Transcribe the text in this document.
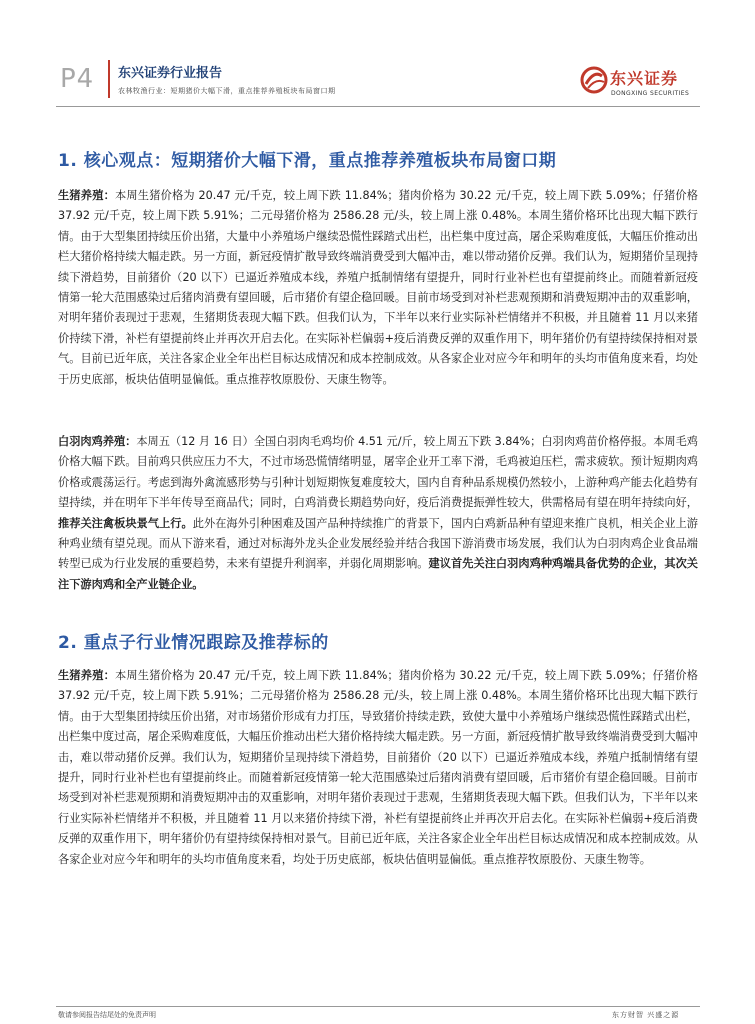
P4 东兴证券行业报告
农林牧渔行业：短期猪价大幅下滑，重点推荐养殖板块布局窗口期
东兴证券
DONGXING SECURITIES
1. 核心观点：短期猪价大幅下滑，重点推荐养殖板块布局窗口期
生猪养殖：本周生猪价格为 20.47 元/千克，较上周下跌 11.84%；猪肉价格为 30.22 元/千克，较上周下跌 5.09%；仔猪价格 37.92 元/千克，较上周下跌 5.91%；二元母猪价格为 2586.28 元/头，较上周上涨 0.48%。本周生猪价格环比出现大幅下跌行情。由于大型集团持续压价出猪，大量中小养殖场户继续恐慌性踩踏式出栏，出栏集中度过高，屠企采购难度低，大幅压价推动出栏大猪价格持续大幅走跌。另一方面，新冠疫情扩散导致终端消费受到大幅冲击，难以带动猪价反弹。我们认为，短期猪价呈现持续下滑趋势，目前猪价（20 以下）已逼近养殖成本线，养殖户抵制情绪有望提升，同时行业补栏也有望提前终止。而随着新冠疫情第一轮大范围感染过后猪肉消费有望回暖，后市猪价有望企稳回暖。目前市场受到对补栏悲观预期和消费短期冲击的双重影响，对明年猪价表现过于悲观，生猪期货表现大幅下跌。但我们认为，下半年以来行业实际补栏情绪并不积极，并且随着 11 月以来猪价持续下滑，补栏有望提前终止并再次开启去化。在实际补栏偏弱+疫后消费反弹的双重作用下，明年猪价仍有望持续保持相对景气。目前已近年底，关注各家企业全年出栏目标达成情况和成本控制成效。从各家企业对应今年和明年的头均市值角度来看，均处于历史底部，板块估值明显偏低。重点推荐牧原股份、天康生物等。
白羽肉鸡养殖：本周五（12 月 16 日）全国白羽肉毛鸡均价 4.51 元/斤，较上周五下跌 3.84%；白羽肉鸡苗价格停报。本周毛鸡价格大幅下跌。目前鸡只供应压力不大，不过市场恐慌情绪明显，屠宰企业开工率下滑，毛鸡被迫压栏，需求疲软。预计短期肉鸡价格或震荡运行。考虑到海外禽流感形势与引种计划短期恢复难度较大，国内自育种品系规模仍然较小，上游种鸡产能去化趋势有望持续，并在明年下半年传导至商品代；同时，白鸡消费长期趋势向好，疫后消费提振弹性较大，供需格局有望在明年持续向好，推荐关注禽板块景气上行。此外在海外引种困难及国产品种持续推广的背景下，国内白鸡新品种有望迎来推广良机，相关企业上游种鸡业绩有望兑现。而从下游来看，通过对标海外龙头企业发展经验并结合我国下游消费市场发展，我们认为白羽肉鸡企业食品端转型已成为行业发展的重要趋势，未来有望提升利润率，并弱化周期影响。建议首先关注白羽肉鸡种鸡端具备优势的企业，其次关注下游肉鸡和全产业链企业。
2. 重点子行业情况跟踪及推荐标的
生猪养殖：本周生猪价格为 20.47 元/千克，较上周下跌 11.84%；猪肉价格为 30.22 元/千克，较上周下跌 5.09%；仔猪价格 37.92 元/千克，较上周下跌 5.91%；二元母猪价格为 2586.28 元/头，较上周上涨 0.48%。本周生猪价格环比出现大幅下跌行情。由于大型集团持续压价出猪，对市场猪价形成有力打压，导致猪价持续走跌，致使大量中小养殖场户继续恐慌性踩踏式出栏，出栏集中度过高，屠企采购难度低，大幅压价推动出栏大猪价格持续大幅走跌。另一方面，新冠疫情扩散导致终端消费受到大幅冲击，难以带动猪价反弹。我们认为，短期猪价呈现持续下滑趋势，目前猪价（20 以下）已逼近养殖成本线，养殖户抵制情绪有望提升，同时行业补栏也有望提前终止。而随着新冠疫情第一轮大范围感染过后猪肉消费有望回暖，后市猪价有望企稳回暖。目前市场受到对补栏悲观预期和消费短期冲击的双重影响，对明年猪价表现过于悲观，生猪期货表现大幅下跌。但我们认为，下半年以来行业实际补栏情绪并不积极，并且随着 11 月以来猪价持续下滑，补栏有望提前终止并再次开启去化。在实际补栏偏弱+疫后消费反弹的双重作用下，明年猪价仍有望持续保持相对景气。目前已近年底，关注各家企业全年出栏目标达成情况和成本控制成效。从各家企业对应今年和明年的头均市值角度来看，均处于历史底部，板块估值明显偏低。重点推荐牧原股份、天康生物等。
敬请参阅报告结尾处的免责声明	东方财智 兴盛之源
